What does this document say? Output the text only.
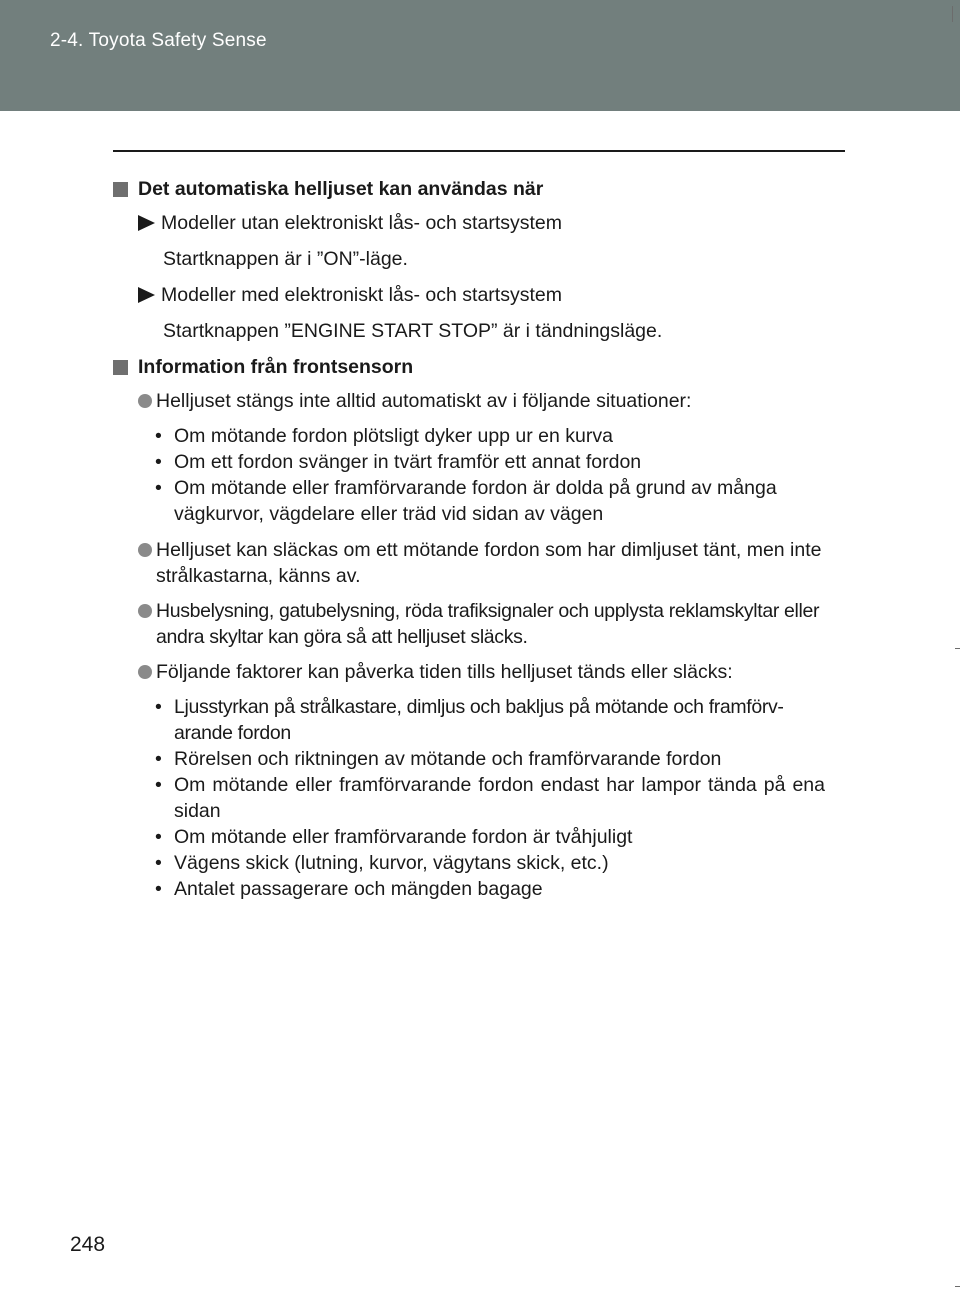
2-4. Toyota Safety Sense
Det automatiska helljuset kan användas när
Modeller utan elektroniskt lås- och startsystem
Startknappen är i ”ON”-läge.
Modeller med elektroniskt lås- och startsystem
Startknappen ”ENGINE START STOP” är i tändningsläge.
Information från frontsensorn
Helljuset stängs inte alltid automatiskt av i följande situationer:
• Om mötande fordon plötsligt dyker upp ur en kurva
• Om ett fordon svänger in tvärt framför ett annat fordon
• Om mötande eller framförvarande fordon är dolda på grund av många vägkurvor, vägdelare eller träd vid sidan av vägen
Helljuset kan släckas om ett mötande fordon som har dimljuset tänt, men inte strålkastarna, känns av.
Husbelysning, gatubelysning, röda trafiksignaler och upplysta reklamskyltar eller andra skyltar kan göra så att helljuset släcks.
Följande faktorer kan påverka tiden tills helljuset tänds eller släcks:
• Ljusstyrkan på strålkastare, dimljus och bakljus på mötande och framförv-arande fordon
• Rörelsen och riktningen av mötande och framförvarande fordon
• Om mötande eller framförvarande fordon endast har lampor tända på ena sidan
• Om mötande eller framförvarande fordon är tvåhjuligt
• Vägens skick (lutning, kurvor, vägytans skick, etc.)
• Antalet passagerare och mängden bagage
248
